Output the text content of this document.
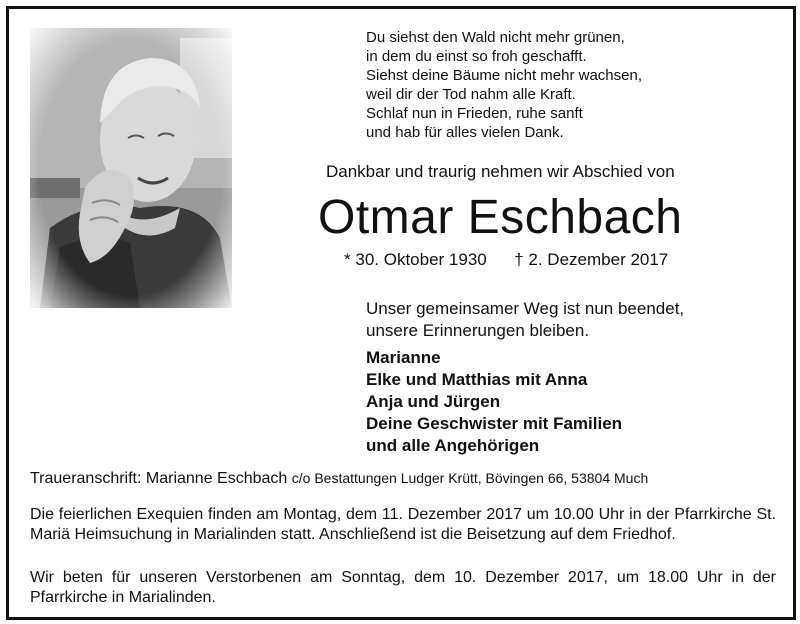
Du siehst den Wald nicht mehr grünen,
in dem du einst so froh geschafft.
Siehst deine Bäume nicht mehr wachsen,
weil dir der Tod nahm alle Kraft.
Schlaf nun in Frieden, ruhe sanft
und hab für alles vielen Dank.
Dankbar und traurig nehmen wir Abschied von
Otmar Eschbach
* 30. Oktober 1930 † 2. Dezember 2017
Unser gemeinsamer Weg ist nun beendet,
unsere Erinnerungen bleiben.
Marianne
Elke und Matthias mit Anna
Anja und Jürgen
Deine Geschwister mit Familien
und alle Angehörigen
Traueranschrift: Marianne Eschbach c/o Bestattungen Ludger Krütt, Bövingen 66, 53804 Much
Die feierlichen Exequien finden am Montag, dem 11. Dezember 2017 um 10.00 Uhr in der Pfarrkirche St. Mariä Heimsuchung in Marialinden statt. Anschließend ist die Beisetzung auf dem Friedhof.
Wir beten für unseren Verstorbenen am Sonntag, dem 10. Dezember 2017, um 18.00 Uhr in der Pfarrkirche in Marialinden.
